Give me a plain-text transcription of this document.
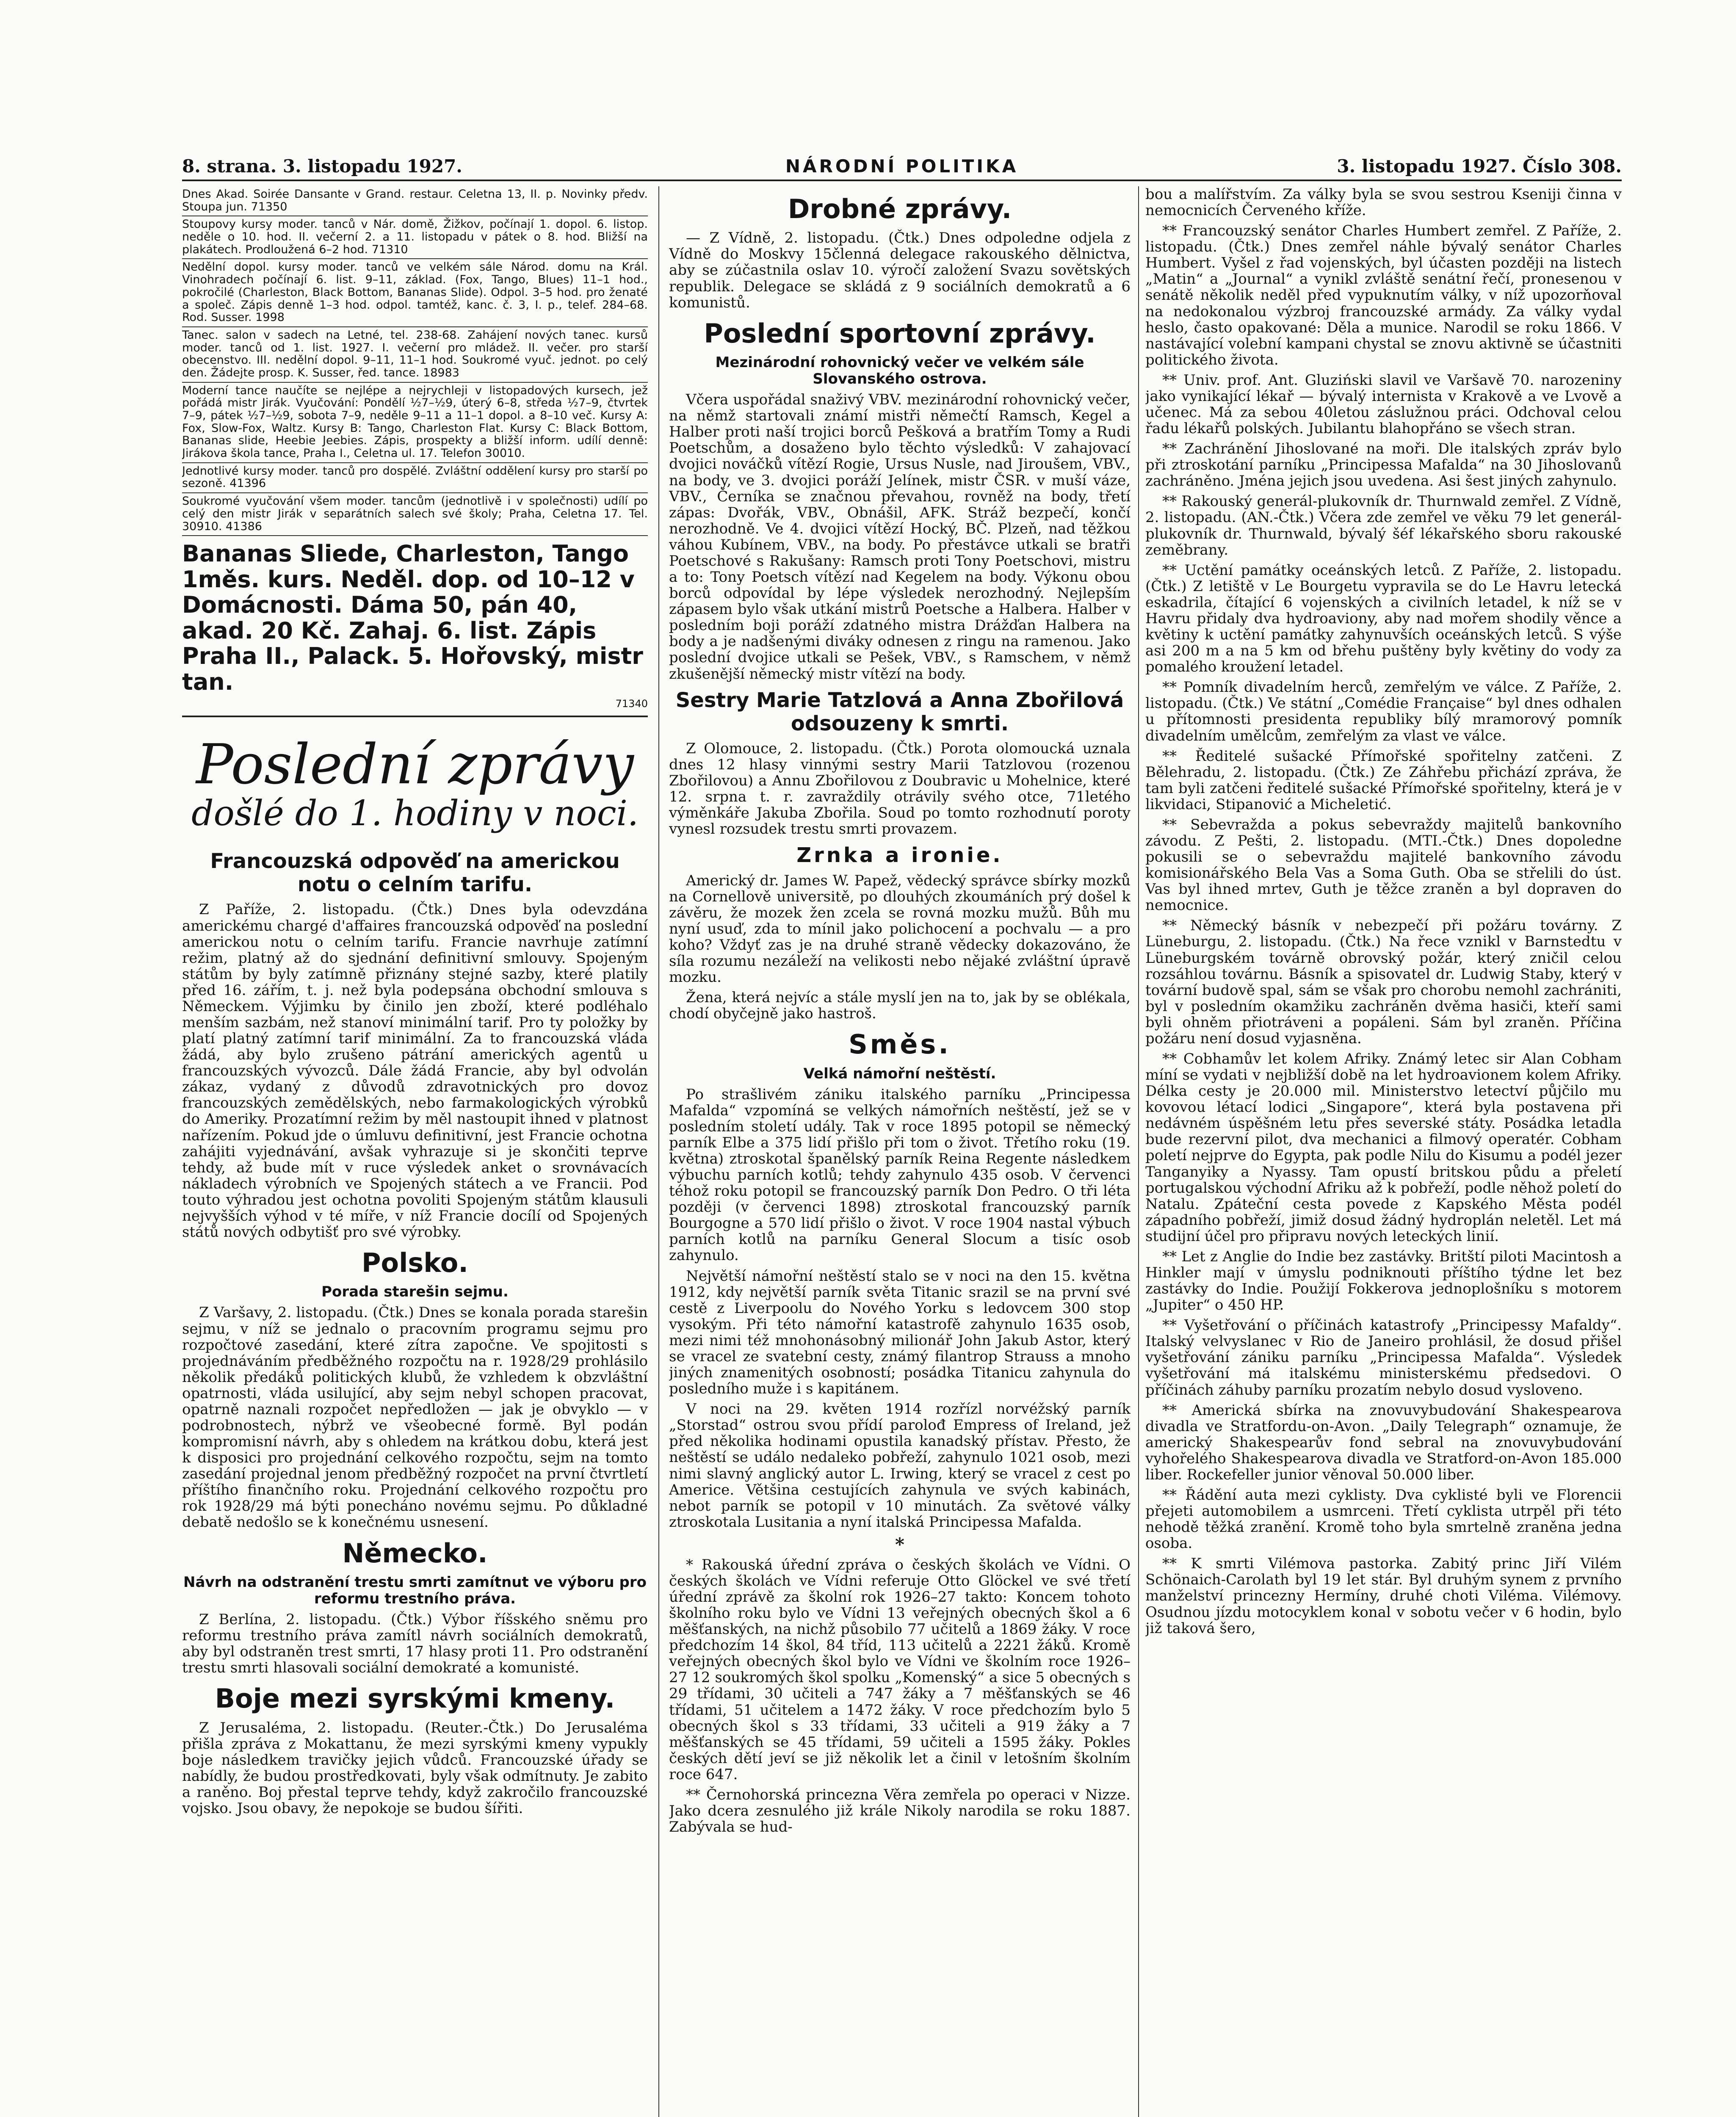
8. strana. 3. listopadu 1927.	NÁRODNÍ POLITIKA	3. listopadu 1927. Číslo 308.

Dnes Akad. Soirée Dansante v Grand. restaur. Celetna 13, II. p. Novinky předv. Stoupa jun. 71350

Stoupovy kursy moder. tanců v Nár. domě, Žižkov, počínají 1. dopol. 6. listop. neděle o 10. hod. II. večerní 2. a 11. listopadu v pátek o 8. hod. Bližší na plakátech. Prodloužená 6–2 hod. 71310

Nedělní dopol. kursy moder. tanců ve velkém sále Národ. domu na Král. Vinohradech počínají 6. list. 9–11, základ. (Fox, Tango, Blues) 11–1 hod., pokročilé (Charleston, Black Bottom, Bananas Slide). Odpol. 3–5 hod. pro ženaté a společ. Zápis denně 1–3 hod. odpol. tamtéž, kanc. č. 3, I. p., telef. 284–68. Rod. Susser. 1998

Tanec. salon v sadech na Letné, tel. 238-68. Zahájení nových tanec. kursů moder. tanců od 1. list. 1927. I. večerní pro mládež. II. večer. pro starší obecenstvo. III. nedělní dopol. 9–11, 11–1 hod. Soukromé vyuč. jednot. po celý den. Žádejte prosp. K. Susser, řed. tance. 18983

Moderní tance naučíte se nejlépe a nejrychleji v listopadových kursech, jež pořádá mistr Jirák. Vyučování: Pondělí ½7–½9, úterý 6–8, středa ½7–9, čtvrtek 7–9, pátek ½7–½9, sobota 7–9, neděle 9–11 a 11–1 dopol. a 8–10 več. Kursy A: Fox, Slow-Fox, Waltz. Kursy B: Tango, Charleston Flat. Kursy C: Black Bottom, Bananas slide, Heebie Jeebies. Zápis, prospekty a bližší inform. udílí denně: Jirákova škola tance, Praha I., Celetna ul. 17. Telefon 30010.

Jednotlivé kursy moder. tanců pro dospělé. Zvláštní oddělení kursy pro starší po sezoně. 41396

Soukromé vyučování všem moder. tancům (jednotlivě i v společnosti) udílí po celý den mistr Jirák v separátních salech své školy; Praha, Celetna 17. Tel. 30910. 41386

Bananas Sliede, Charleston, Tango 1měs. kurs. Neděl. dop. od 10–12 v Domácnosti. Dáma 50, pán 40, akad. 20 Kč. Zahaj. 6. list. Zápis Praha II., Palack. 5. Hořovský, mistr tan.

71340

Poslední zprávy
došlé do 1. hodiny v noci.
Francouzská odpověď na americkou notu o celním tarifu.

Z Paříže, 2. listopadu. (Čtk.) Dnes byla odevzdána americkému chargé d'affaires francouzská odpověď na poslední americkou notu o celním tarifu. Francie navrhuje zatímní režim, platný až do sjednání definitivní smlouvy. Spojeným státům by byly zatímně přiznány stejné sazby, které platily před 16. zářím, t. j. než byla podepsána obchodní smlouva s Německem. Výjimku by činilo jen zboží, které podléhalo menším sazbám, než stanoví minimální tarif. Pro ty položky by platí platný zatímní tarif minimální. Za to francouzská vláda žádá, aby bylo zrušeno pátrání amerických agentů u francouzských vývozců. Dále žádá Francie, aby byl odvolán zákaz, vydaný z důvodů zdravotnických pro dovoz francouzských zemědělských, nebo farmakologických výrobků do Ameriky. Prozatímní režim by měl nastoupit ihned v platnost nařízením. Pokud jde o úmluvu definitivní, jest Francie ochotna zahájiti vyjednávání, avšak vyhrazuje si je skončiti teprve tehdy, až bude mít v ruce výsledek anket o srovnávacích nákladech výrobních ve Spojených státech a ve Francii. Pod touto výhradou jest ochotna povoliti Spojeným státům klausuli nejvyšších výhod v té míře, v níž Francie docílí od Spojených států nových odbytišť pro své výrobky.

Polsko.
Porada starešin sejmu.

Z Varšavy, 2. listopadu. (Čtk.) Dnes se konala porada starešin sejmu, v níž se jednalo o pracovním programu sejmu pro rozpočtové zasedání, které zítra započne. Ve spojitosti s projednáváním předběžného rozpočtu na r. 1928/29 prohlásilo několik předáků politických klubů, že vzhledem k obzvláštní opatrnosti, vláda usilující, aby sejm nebyl schopen pracovat, opatrně naznali rozpočet nepředložen — jak je obvyklo — v podrobnostech, nýbrž ve všeobecné formě. Byl podán kompromisní návrh, aby s ohledem na krátkou dobu, která jest k disposici pro projednání celkového rozpočtu, sejm na tomto zasedání projednal jenom předběžný rozpočet na první čtvrtletí příštího finančního roku. Projednání celkového rozpočtu pro rok 1928/29 má býti ponecháno novému sejmu. Po důkladné debatě nedošlo se k konečnému usnesení.

Německo.
Návrh na odstranění trestu smrti zamítnut ve výboru pro reformu trestního práva.

Z Berlína, 2. listopadu. (Čtk.) Výbor říšského sněmu pro reformu trestního práva zamítl návrh sociálních demokratů, aby byl odstraněn trest smrti, 17 hlasy proti 11. Pro odstranění trestu smrti hlasovali sociální demokraté a komunisté.

Boje mezi syrskými kmeny.

Z Jerusaléma, 2. listopadu. (Reuter.-Čtk.) Do Jerusaléma přišla zpráva z Mokattanu, že mezi syrskými kmeny vypukly boje následkem travičky jejich vůdců. Francouzské úřady se nabídly, že budou prostředkovati, byly však odmítnuty. Je zabito a raněno. Boj přestal teprve tehdy, když zakročilo francouzské vojsko. Jsou obavy, že nepokoje se budou šířiti.

Drobné zprávy.

— Z Vídně, 2. listopadu. (Čtk.) Dnes odpoledne odjela z Vídně do Moskvy 15členná delegace rakouského dělnictva, aby se zúčastnila oslav 10. výročí založení Svazu sovětských republik. Delegace se skládá z 9 sociálních demokratů a 6 komunistů.

Poslední sportovní zprávy.
Mezinárodní rohovnický večer ve velkém sále Slovanského ostrova.

Včera uspořádal snaživý VBV. mezinárodní rohovnický večer, na němž startovali známí mistři němečtí Ramsch, Kegel a Halber proti naší trojici borců Pešková a bratřím Tomy a Rudi Poetschům, a dosaženo bylo těchto výsledků: V zahajovací dvojici nováčků vítězí Rogie, Ursus Nusle, nad Jiroušem, VBV., na body, ve 3. dvojici poráží Jelínek, mistr ČSR. v muší váze, VBV., Černíka se značnou převahou, rovněž na body, třetí zápas: Dvořák, VBV., Obnášil, AFK. Stráž bezpečí, končí nerozhodně. Ve 4. dvojici vítězí Hocký, BČ. Plzeň, nad těžkou váhou Kubínem, VBV., na body. Po přestávce utkali se bratři Poetschové s Rakušany: Ramsch proti Tony Poetschovi, mistru a to: Tony Poetsch vítězí nad Kegelem na body. Výkonu obou borců odpovídal by lépe výsledek nerozhodný. Nejlepším zápasem bylo však utkání mistrů Poetsche a Halbera. Halber v posledním boji poráží zdatného mistra Drážďan Halbera na body a je nadšenými diváky odnesen z ringu na ramenou. Jako poslední dvojice utkali se Pešek, VBV., s Ramschem, v němž zkušenější německý mistr vítězí na body.

Sestry Marie Tatzlová a Anna Zbořilová odsouzeny k smrti.

Z Olomouce, 2. listopadu. (Čtk.) Porota olomoucká uznala dnes 12 hlasy vinnými sestry Marii Tatzlovou (rozenou Zbořilovou) a Annu Zbořilovou z Doubravic u Mohelnice, které 12. srpna t. r. zavraždily otrávily svého otce, 71letého výměnkáře Jakuba Zbořila. Soud po tomto rozhodnutí poroty vynesl rozsudek trestu smrti provazem.

Zrnka a ironie.

Americký dr. James W. Papež, vědecký správce sbírky mozků na Cornellově universitě, po dlouhých zkoumáních prý došel k závěru, že mozek žen zcela se rovná mozku mužů. Bůh mu nyní usuď, zda to mínil jako polichocení a pochvalu — a pro koho? Vždyť zas je na druhé straně vědecky dokazováno, že síla rozumu nezáleží na velikosti nebo nějaké zvláštní úpravě mozku.

Žena, která nejvíc a stále myslí jen na to, jak by se oblékala, chodí obyčejně jako hastroš.

Směs.
Velká námořní neštěstí.

Po strašlivém zániku italského parníku „Principessa Mafalda“ vzpomíná se velkých námořních neštěstí, jež se v posledním století udály. Tak v roce 1895 potopil se německý parník Elbe a 375 lidí přišlo při tom o život. Třetího roku (19. května) ztroskotal španělský parník Reina Regente následkem výbuchu parních kotlů; tehdy zahynulo 435 osob. V červenci téhož roku potopil se francouzský parník Don Pedro. O tři léta později (v červenci 1898) ztroskotal francouzský parník Bourgogne a 570 lidí přišlo o život. V roce 1904 nastal výbuch parních kotlů na parníku General Slocum a tisíc osob zahynulo.

Největší námořní neštěstí stalo se v noci na den 15. května 1912, kdy největší parník světa Titanic srazil se na první své cestě z Liverpoolu do Nového Yorku s ledovcem 300 stop vysokým. Při této námořní katastrofě zahynulo 1635 osob, mezi nimi též mnohonásobný milionář John Jakub Astor, který se vracel ze svatební cesty, známý filantrop Strauss a mnoho jiných znamenitých osobností; posádka Titanicu zahynula do posledního muže i s kapitánem.

V noci na 29. květen 1914 rozřízl norvéžský parník „Storstad“ ostrou svou přídí parolođ Empress of Ireland, jež před několika hodinami opustila kanadský přístav. Přesto, že neštěstí se událo nedaleko pobřeží, zahynulo 1021 osob, mezi nimi slavný anglický autor L. Irwing, který se vracel z cest po Americe. Většina cestujících zahynula ve svých kabinách, nebot parník se potopil v 10 minutách. Za světové války ztroskotala Lusitania a nyní italská Principessa Mafalda.

*

* Rakouská úřední zpráva o českých školách ve Vídni. O českých školách ve Vídni referuje Otto Glöckel ve své třetí úřední zprávě za školní rok 1926–27 takto: Koncem tohoto školního roku bylo ve Vídni 13 veřejných obecných škol a 6 měšťanských, na nichž působilo 77 učitelů a 1869 žáky. V roce předchozím 14 škol, 84 tříd, 113 učitelů a 2221 žáků. Kromě veřejných obecných škol bylo ve Vídni ve školním roce 1926–27 12 soukromých škol spolku „Komenský“ a sice 5 obecných s 29 třídami, 30 učiteli a 747 žáky a 7 měšťanských se 46 třídami, 51 učitelem a 1472 žáky. V roce předchozím bylo 5 obecných škol s 33 třídami, 33 učiteli a 919 žáky a 7 měšťanských se 45 třídami, 59 učiteli a 1595 žáky. Pokles českých dětí jeví se již několik let a činil v letošním školním roce 647.

** Černohorská princezna Věra zemřela po operaci v Nizze. Jako dcera zesnulého již krále Nikoly narodila se roku 1887. Zabývala se hud-

bou a malířstvím. Za války byla se svou sestrou Kseniji činna v nemocnicích Červeného kříže.

** Francouzský senátor Charles Humbert zemřel. Z Paříže, 2. listopadu. (Čtk.) Dnes zemřel náhle bývalý senátor Charles Humbert. Vyšel z řad vojenských, byl účasten později na listech „Matin“ a „Journal“ a vynikl zvláště senátní řečí, pronesenou v senátě několik neděl před vypuknutím války, v níž upozorňoval na nedokonalou výzbroj francouzské armády. Za války vydal heslo, často opakované: Děla a munice. Narodil se roku 1866. V nastávající volební kampani chystal se znovu aktivně se účastniti politického života.

** Univ. prof. Ant. Gluziński slavil ve Varšavě 70. narozeniny jako vynikající lékař — bývalý internista v Krakově a ve Lvově a učenec. Má za sebou 40letou záslužnou práci. Odchoval celou řadu lékařů polských. Jubilantu blahopřáno se všech stran.

** Zachránění Jihoslované na moři. Dle italských zpráv bylo při ztroskotání parníku „Principessa Mafalda“ na 30 Jihoslovanů zachráněno. Jména jejich jsou uvedena. Asi šest jiných zahynulo.

** Rakouský generál-plukovník dr. Thurnwald zemřel. Z Vídně, 2. listopadu. (AN.-Čtk.) Včera zde zemřel ve věku 79 let generál-plukovník dr. Thurnwald, bývalý šéf lékařského sboru rakouské zeměbrany.

** Uctění památky oceánských letců. Z Paříže, 2. listopadu. (Čtk.) Z letiště v Le Bourgetu vypravila se do Le Havru letecká eskadrila, čítající 6 vojenských a civilních letadel, k níž se v Havru přidaly dva hydroaviony, aby nad mořem shodily věnce a květiny k uctění památky zahynuvších oceánských letců. S výše asi 200 m a na 5 km od břehu puštěny byly květiny do vody za pomalého kroužení letadel.

** Pomník divadelním herců, zemřelým ve válce. Z Paříže, 2. listopadu. (Čtk.) Ve státní „Comédie Française“ byl dnes odhalen u přítomnosti presidenta republiky bílý mramorový pomník divadelním umělcům, zemřelým za vlast ve válce.

** Ředitelé sušacké Přímořské spořitelny zatčeni. Z Bělehradu, 2. listopadu. (Čtk.) Ze Záhřebu přichází zpráva, že tam byli zatčeni ředitelé sušacké Přímořské spořitelny, která je v likvidaci, Stipanović a Micheletić.

** Sebevražda a pokus sebevraždy majitelů bankovního závodu. Z Pešti, 2. listopadu. (MTI.-Čtk.) Dnes dopoledne pokusili se o sebevraždu majitelé bankovního závodu komisionářského Bela Vas a Soma Guth. Oba se střelili do úst. Vas byl ihned mrtev, Guth je těžce zraněn a byl dopraven do nemocnice.

** Německý básník v nebezpečí při požáru továrny. Z Lüneburgu, 2. listopadu. (Čtk.) Na řece vznikl v Barnstedtu v Lüneburgském továrně obrovský požár, který zničil celou rozsáhlou továrnu. Básník a spisovatel dr. Ludwig Staby, který v tovární budově spal, sám se však pro chorobu nemohl zachrániti, byl v posledním okamžiku zachráněn dvěma hasiči, kteří sami byli ohněm přiotráveni a popáleni. Sám byl zraněn. Příčina požáru není dosud vyjasněna.

** Cobhamův let kolem Afriky. Známý letec sir Alan Cobham míní se vydati v nejbližší době na let hydroavionem kolem Afriky. Délka cesty je 20.000 mil. Ministerstvo letectví půjčilo mu kovovou létací lodici „Singapore“, která byla postavena při nedávném úspěšném letu přes severské státy. Posádka letadla bude rezervní pilot, dva mechanici a filmový operatér. Cobham poletí nejprve do Egypta, pak podle Nilu do Kisumu a podél jezer Tanganyiky a Nyassy. Tam opustí britskou půdu a přeletí portugalskou východní Afriku až k pobřeží, podle něhož poletí do Natalu. Zpáteční cesta povede z Kapského Města podél západního pobřeží, jimiž dosud žádný hydroplán neletěl. Let má studijní účel pro připravu nových leteckých linií.

** Let z Anglie do Indie bez zastávky. Britští piloti Macintosh a Hinkler mají v úmyslu podniknouti příštího týdne let bez zastávky do Indie. Použijí Fokkerova jednoplošníku s motorem „Jupiter“ o 450 HP.

** Vyšetřování o příčinách katastrofy „Principessy Mafaldy“. Italský velvyslanec v Rio de Janeiro prohlásil, že dosud přišel vyšetřování zániku parníku „Principessa Mafalda“. Výsledek vyšetřování má italskému ministerskému předsedovi. O příčinách záhuby parníku prozatím nebylo dosud vysloveno.

** Americká sbírka na znovuvybudování Shakespearova divadla ve Stratfordu-on-Avon. „Daily Telegraph“ oznamuje, že americký Shakespearův fond sebral na znovuvybudování vyhořelého Shakespearova divadla ve Stratford-on-Avon 185.000 liber. Rockefeller junior věnoval 50.000 liber.

** Řádění auta mezi cyklisty. Dva cyklisté byli ve Florencii přejeti automobilem a usmrceni. Třetí cyklista utrpěl při této nehodě těžká zranění. Kromě toho byla smrtelně zraněna jedna osoba.

** K smrti Vilémova pastorka. Zabitý princ Jiří Vilém Schönaich-Carolath byl 19 let stár. Byl druhým synem z prvního manželství princezny Hermíny, druhé choti Viléma. Vilémovy. Osudnou jízdu motocyklem konal v sobotu večer v 6 hodin, bylo již taková šero,
